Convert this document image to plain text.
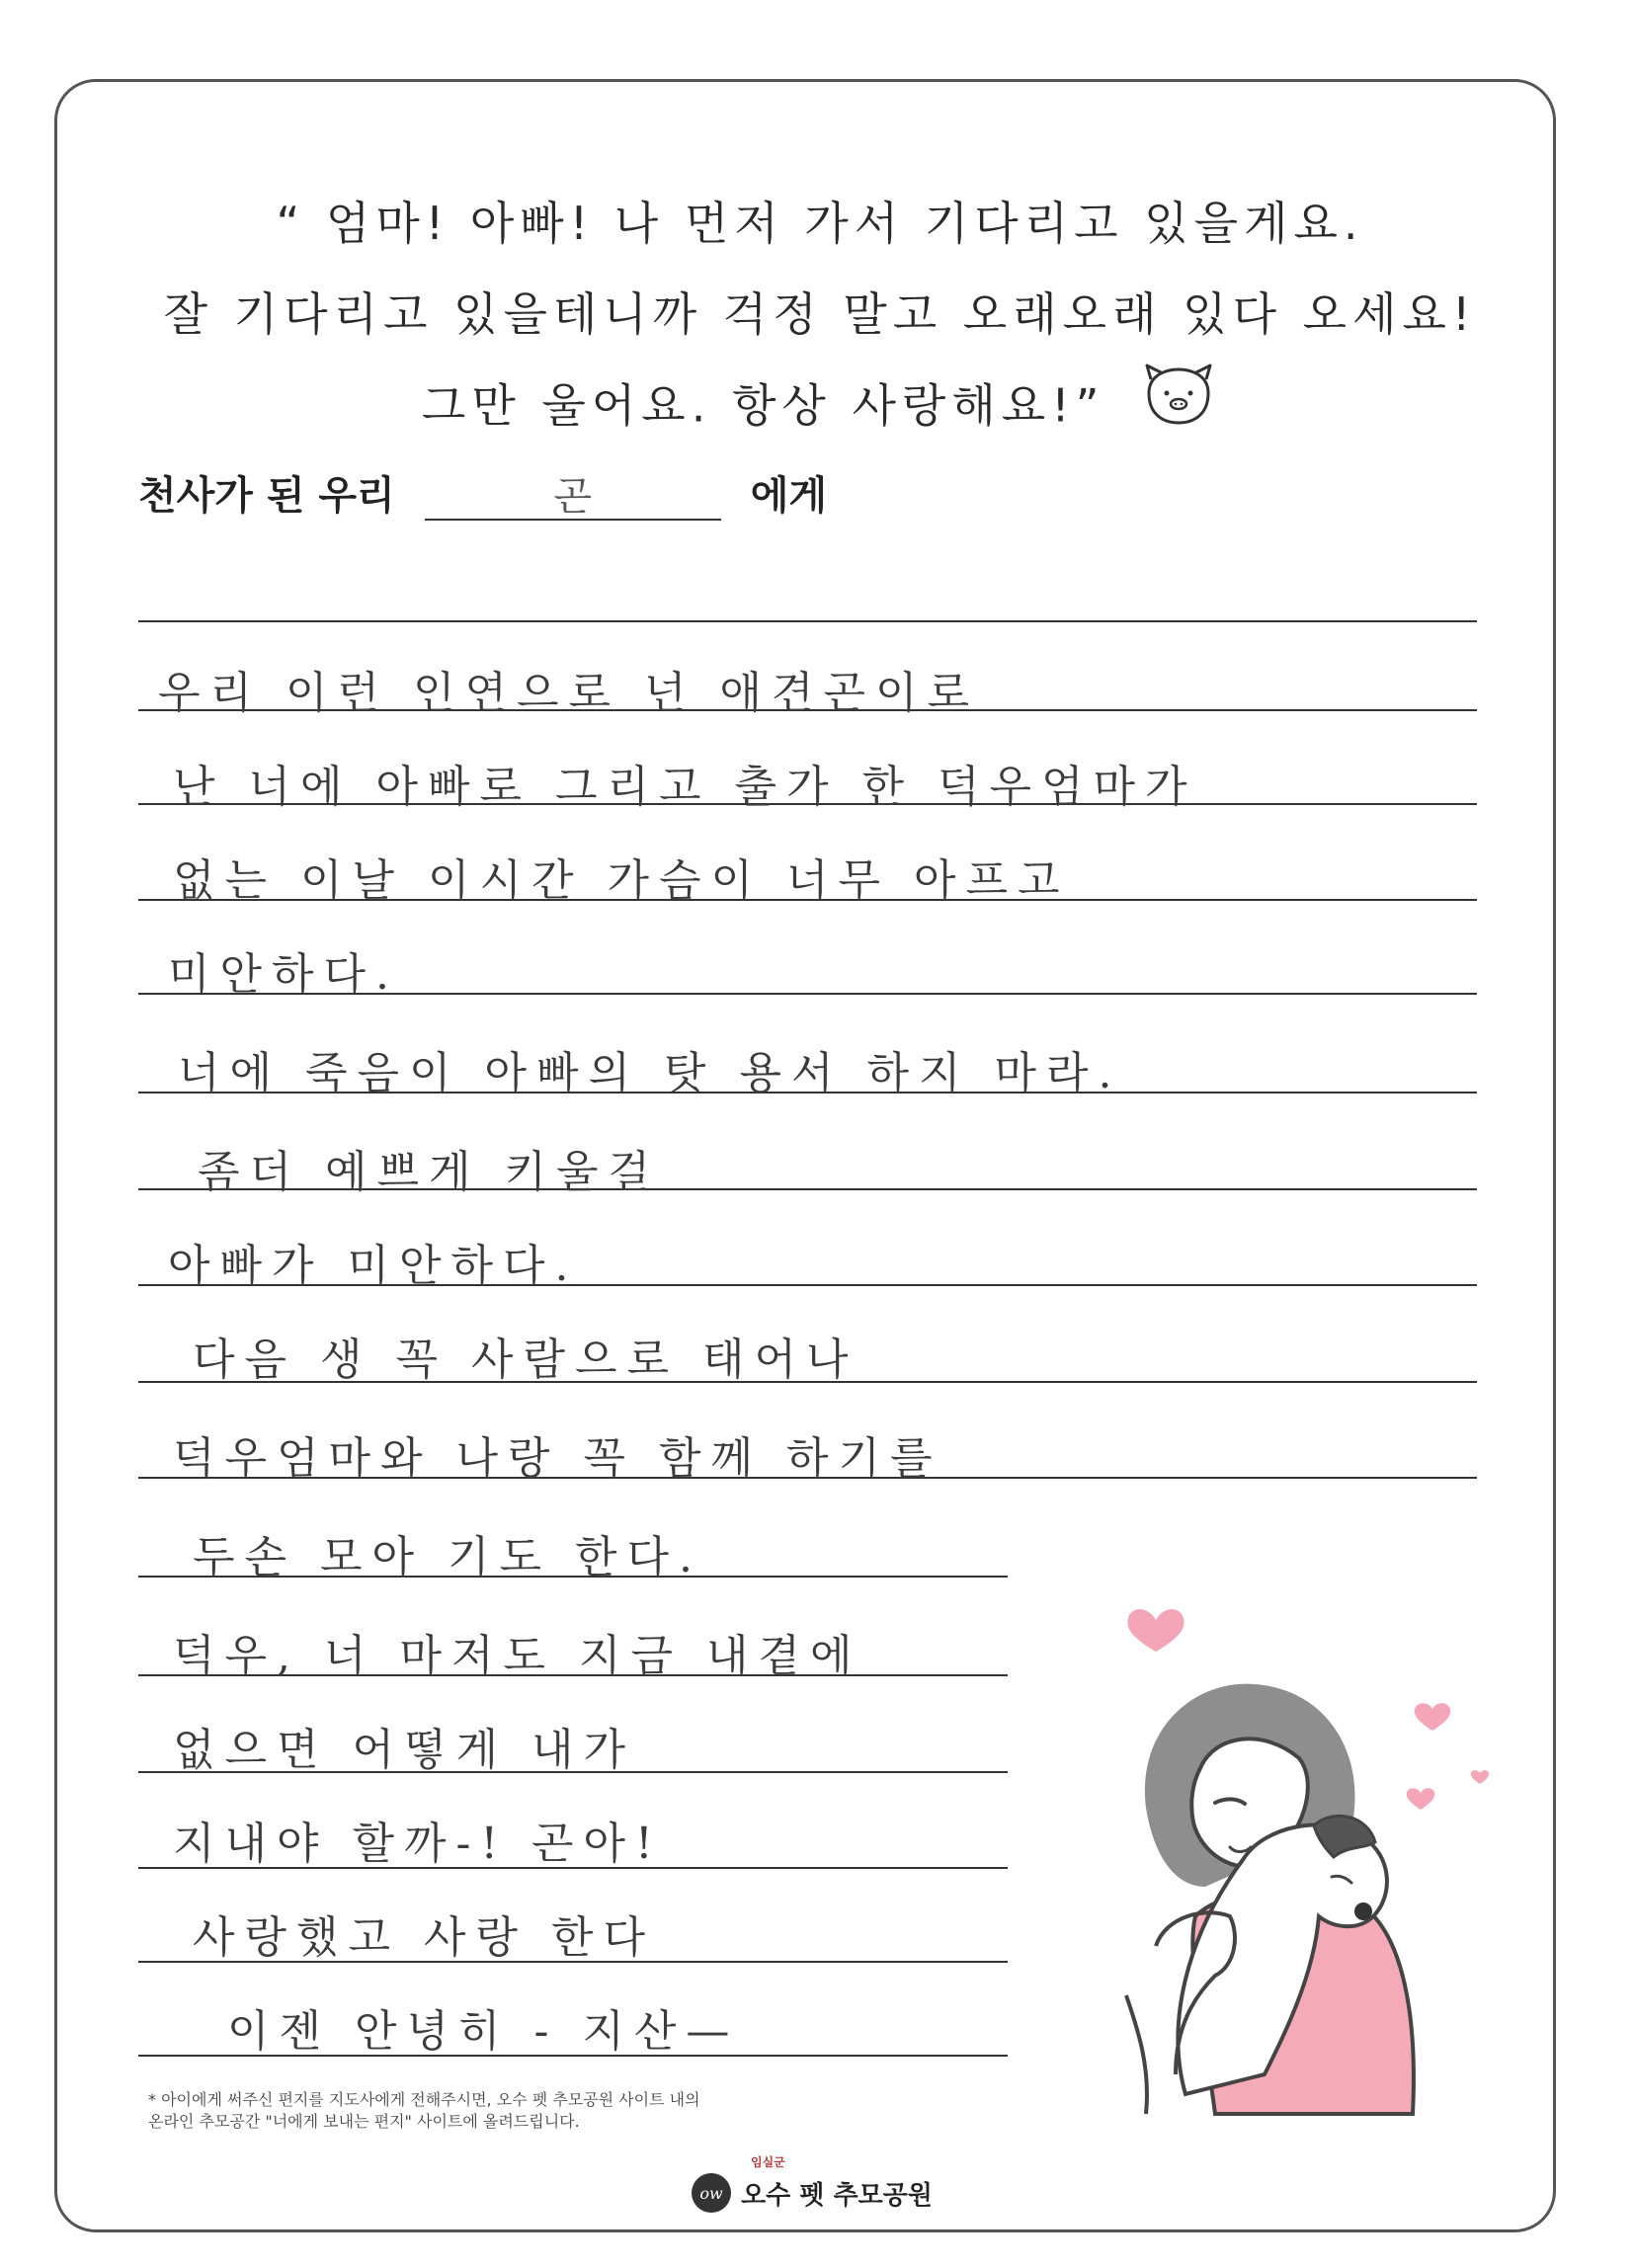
“ 엄마! 아빠! 나 먼저 가서 기다리고 있을게요.
잘 기다리고 있을테니까 걱정 말고 오래오래 있다 오세요!
그만 울어요. 항상 사랑해요!”
천사가 된 우리	곤	에게
우리 이런 인연으로 넌 애견곤이로
난 너에 아빠로 그리고 출가 한 덕우엄마가
없는 이날 이시간 가슴이 너무 아프고
미안하다.
너에 죽음이 아빠의 탓 용서 하지 마라.
좀더 예쁘게 키울걸
아빠가 미안하다.
다음 생 꼭 사람으로 태어나
덕우엄마와 나랑 꼭 함께 하기를
두손 모아 기도 한다.
덕우, 너 마저도 지금 내곁에
없으면 어떻게 내가
지내야 할까-! 곤아!
사랑했고 사랑 한다
이젠 안녕히 - 지산—
* 아이에게 써주신 편지를 지도사에게 전해주시면, 오수 펫 추모공원 사이트 내의
온라인 추모공간 "너에게 보내는 편지" 사이트에 올려드립니다.
임실군
ow 오수 펫 추모공원
